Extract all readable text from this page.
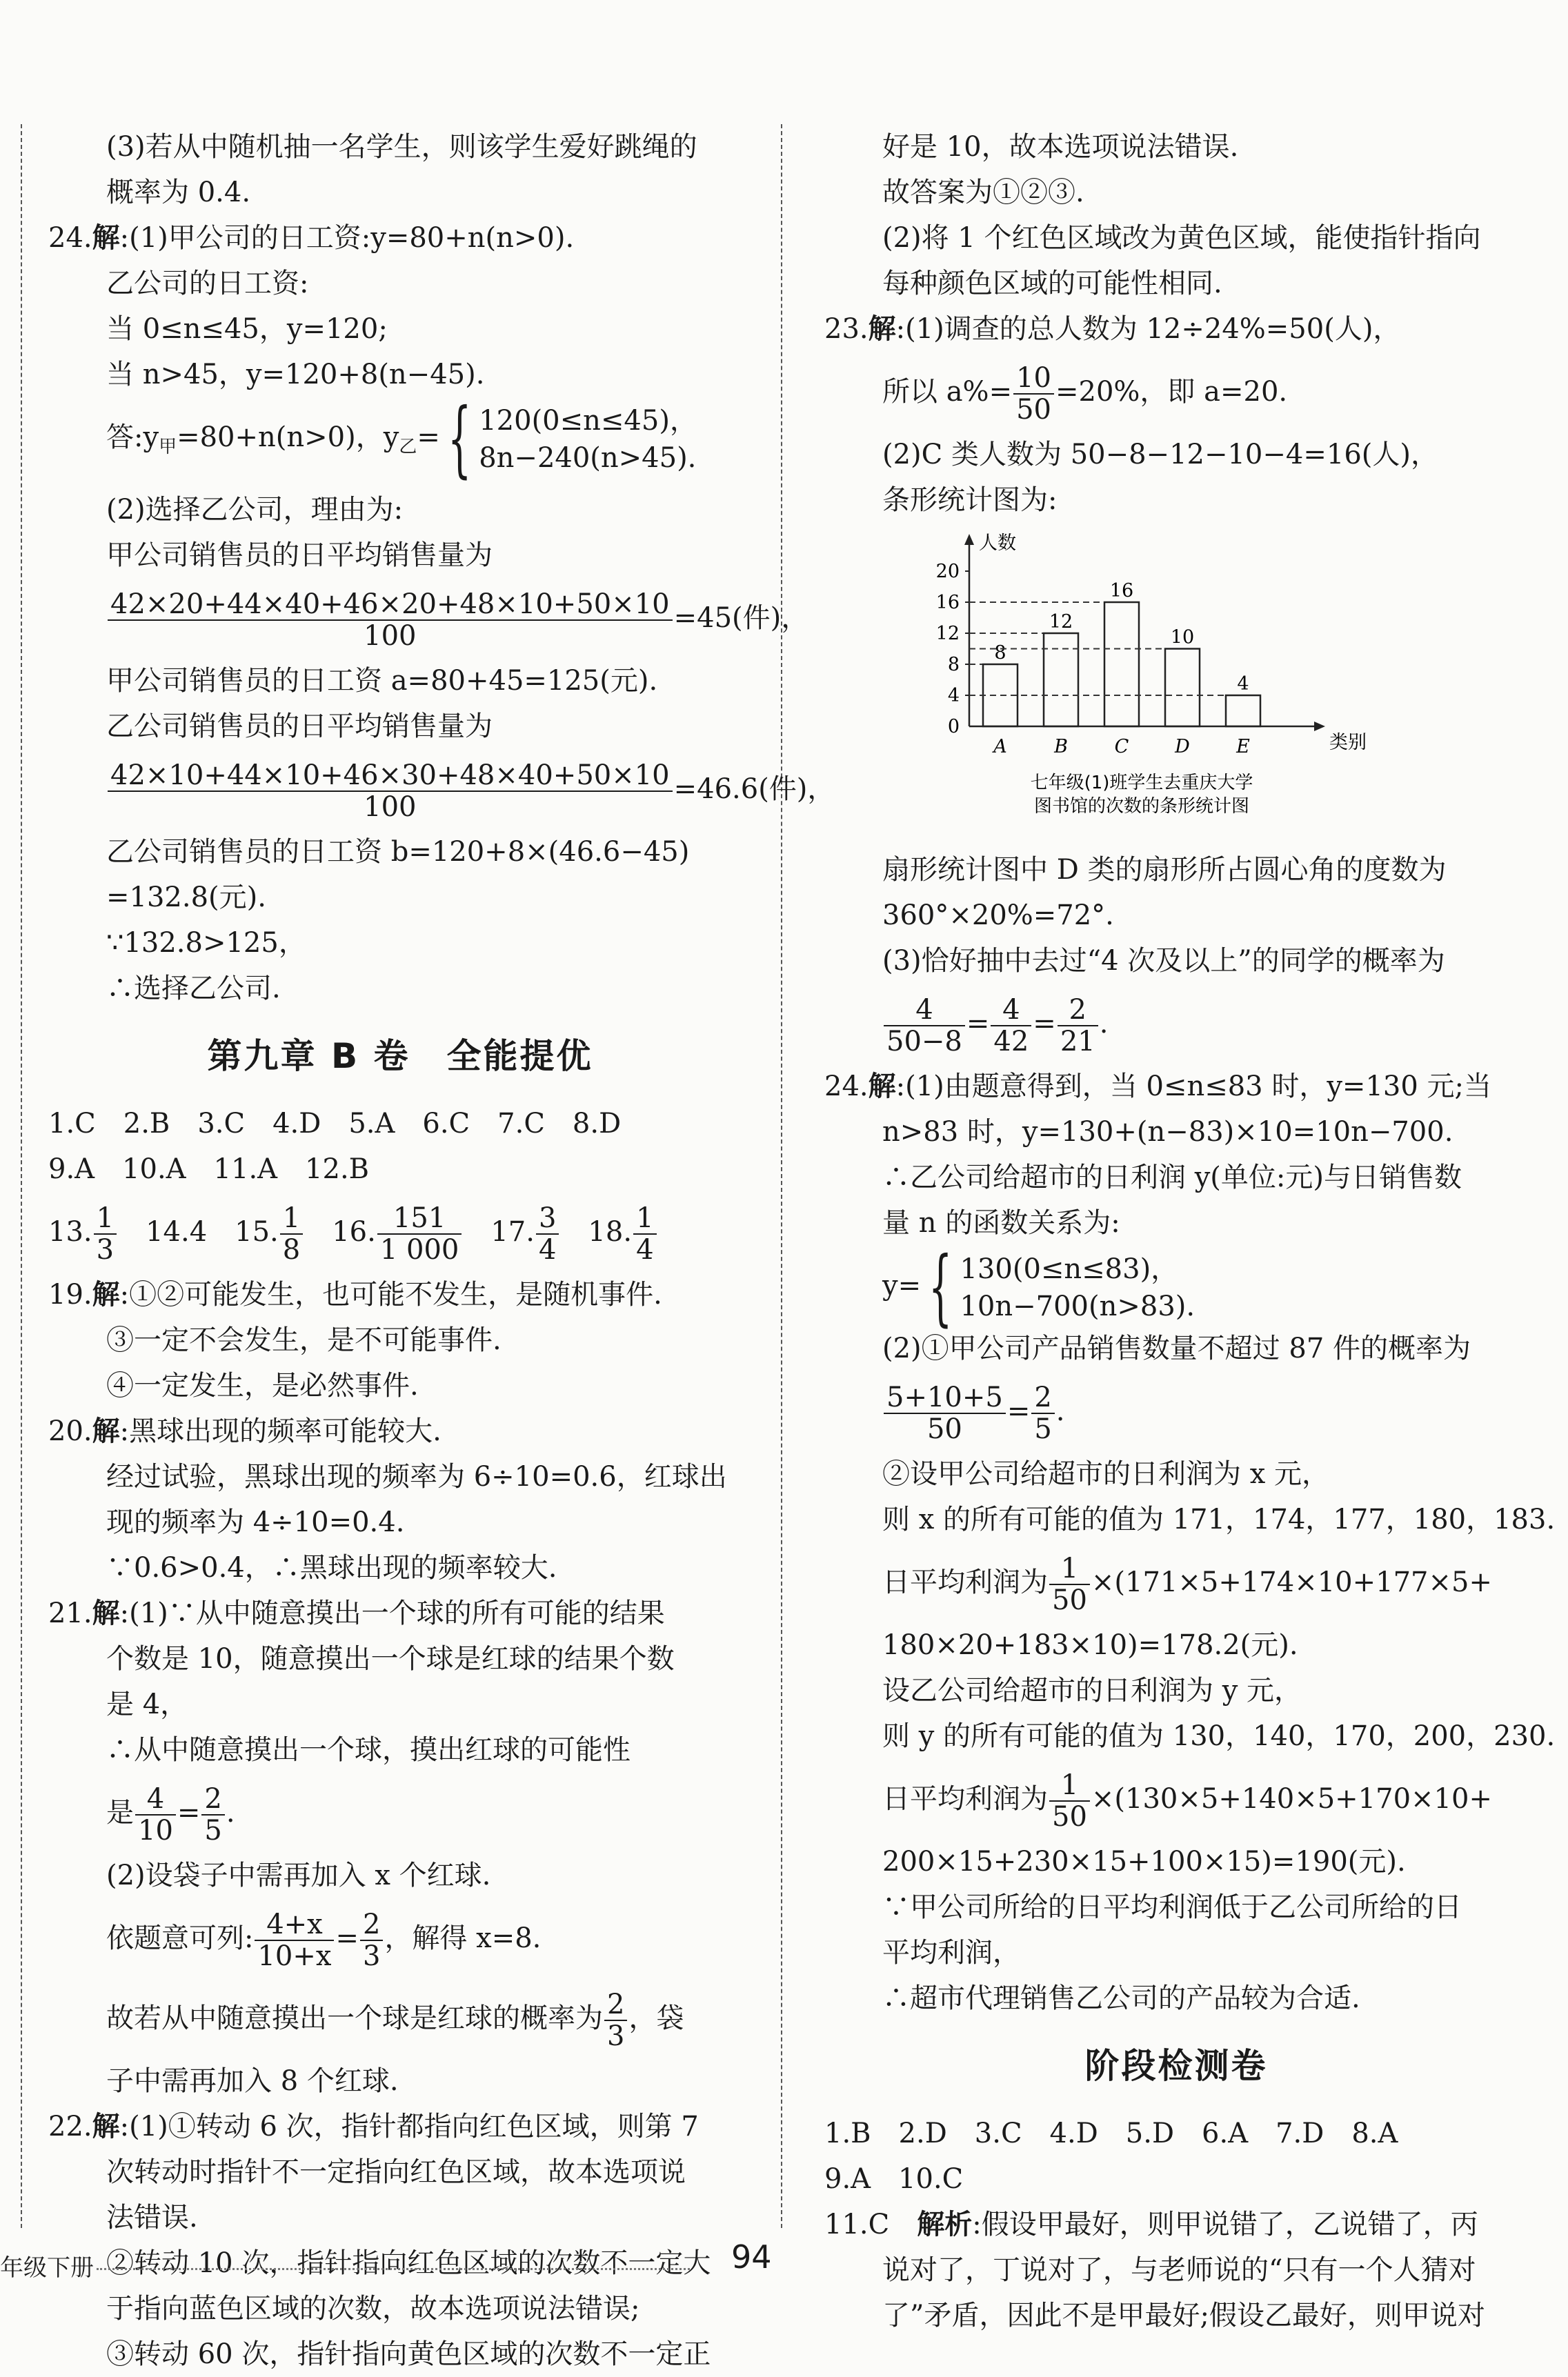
(3)若从中随机抽一名学生，则该学生爱好跳绳的
概率为 0.4.
24.解:(1)甲公司的日工资:y=80+n(n>0).
乙公司的日工资:
当 0≤n≤45，y=120;
当 n>45，y=120+8(n−45).
答$:y_甲=80+n(n>0)$，$y_乙=${ 120(0≤n≤45)，
8n−240(n>45).
(2)选择乙公司，理由为:
甲公司销售员的日平均销售量为
$\frac{42\times 20+44\times 40+46\times 20+48\times 10+50\times 10}{100} =45$(件)，
甲公司销售员的日工资 a=80+45=125(元).
乙公司销售员的日平均销售量为
$\frac{42\times 10+44\times 10+46\times 30+48\times 40+50\times 10}{100} =46.6$(件)，
乙公司销售员的日工资 b=120+8×(46.6−45)
=132.8(元).
∵132.8>125，
∴选择乙公司.
第九章 B 卷　全能提优
1.C　2.B　3.C　4.D　5.A　6.C　7.C　8.D
9.A　10.A　11.A　12.B
13. $\frac{1}{3}$ 　14.4　15. $\frac{1}{8}$ 　16. $\frac{151}{1 000}$ 　17. $\frac{3}{4}$ 　18. $\frac{1}{4}$
19.解:①②可能发生，也可能不发生，是随机事件.
③一定不会发生，是不可能事件.
④一定发生，是必然事件.
20.解:黑球出现的频率可能较大.
经过试验，黑球出现的频率为 6÷10=0.6，红球出
现的频率为 4÷10=0.4.
∵0.6>0.4，∴黑球出现的频率较大.
21.解:(1)∵从中随意摸出一个球的所有可能的结果
个数是 10，随意摸出一个球是红球的结果个数
是 4，
∴从中随意摸出一个球，摸出红球的可能性
是 $\frac{4}{10} = \frac{2}{5}$ .
(2)设袋子中需再加入 x 个红球.
依题意可列: $\frac{4+x}{10+x} = \frac{2}{3}$ ，解得 x=8.
故若从中随意摸出一个球是红球的概率为 $\frac{2}{3}$ ，袋
子中需再加入 8 个红球.
22.解:(1)①转动 6 次，指针都指向红色区域，则第 7
次转动时指针不一定指向红色区域，故本选项说
法错误.
②转动 10 次，指针指向红色区域的次数不一定大
于指向蓝色区域的次数，故本选项说法错误;
③转动 60 次，指针指向黄色区域的次数不一定正
好是 10，故本选项说法错误.
故答案为①②③.
(2)将 1 个红色区域改为黄色区域，能使指针指向
每种颜色区域的可能性相同.
23.解:(1)调查的总人数为 12÷24%=50(人)，
所以 $a\%= \frac{10}{50} =20\%$，即 a=20.
(2)C 类人数为 50−8−12−10−4=16(人)，
条形统计图为:
人数
类别
0
4
8
12
16
20
8
A
12
B
16
C
10
D
4
E
七年级(1)班学生去重庆大学
图书馆的次数的条形统计图
扇形统计图中 D 类的扇形所占圆心角的度数为
360°×20%=72°.
(3)恰好抽中去过“4 次及以上”的同学的概率为
$\frac{4}{50-8} = \frac{4}{42} = \frac{2}{21}$ .
24.解:(1)由题意得到，当 0≤n≤83 时，y=130 元;当
n>83 时，y=130+(n−83)×10=10n−700.
∴乙公司给超市的日利润 y(单位:元)与日销售数
量 n 的函数关系为:
y={ 130(0≤n≤83)，
10n−700(n>83).
(2)①甲公司产品销售数量不超过 87 件的概率为
$\frac{5+10+5}{50} = \frac{2}{5}$ .
②设甲公司给超市的日利润为 x 元，
则 x 的所有可能的值为 171，174，177，180，183.
日平均利润为 $\frac{1}{50} \times(171\times 5+174\times 10+177\times 5+$
180×20+183×10)=178.2(元).
设乙公司给超市的日利润为 y 元，
则 y 的所有可能的值为 130，140，170，200，230.
日平均利润为 $\frac{1}{50} \times(130\times 5+140\times 5+170\times 10+$
200×15+230×15+100×15)=190(元).
∵甲公司所给的日平均利润低于乙公司所给的日
平均利润，
∴超市代理销售乙公司的产品较为合适.
阶段检测卷
1.B　2.D　3.C　4.D　5.D　6.A　7.D　8.A
9.A　10.C
11.C　解析:假设甲最好，则甲说错了，乙说错了，丙
说对了，丁说对了，与老师说的“只有一个人猜对
了”矛盾，因此不是甲最好;假设乙最好，则甲说对
年级下册	94
